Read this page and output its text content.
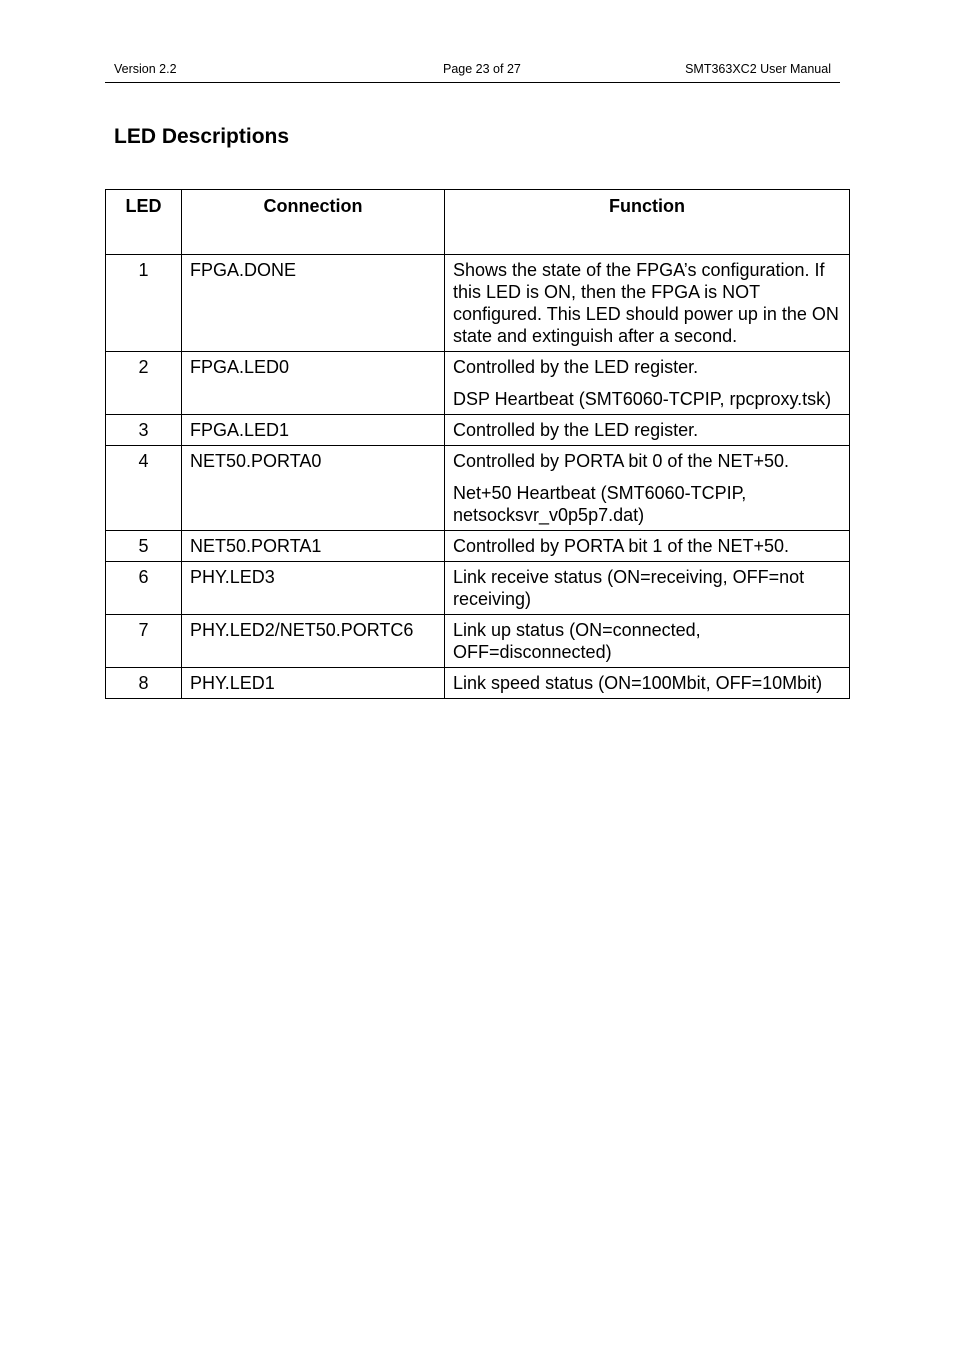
Version 2.2	Page 23 of 27	SMT363XC2 User Manual
LED Descriptions
LED	Connection	Function
1	FPGA.DONE	Shows the state of the FPGA’s configuration. If this LED is ON, then the FPGA is NOT configured. This LED should power up in the ON state and extinguish after a second.

2	FPGA.LED0	Controlled by the LED register.
DSP Heartbeat (SMT6060-TCPIP, rpcproxy.tsk)

3	FPGA.LED1	Controlled by the LED register.

4	NET50.PORTA0	Controlled by PORTA bit 0 of the NET+50.
Net+50 Heartbeat (SMT6060-TCPIP, netsocksvr_v0p5p7.dat)

5	NET50.PORTA1	Controlled by PORTA bit 1 of the NET+50.

6	PHY.LED3	Link receive status (ON=receiving, OFF=not receiving)

7	PHY.LED2/NET50.PORTC6	Link up status (ON=connected, OFF=disconnected)

8	PHY.LED1	Link speed status (ON=100Mbit, OFF=10Mbit)
